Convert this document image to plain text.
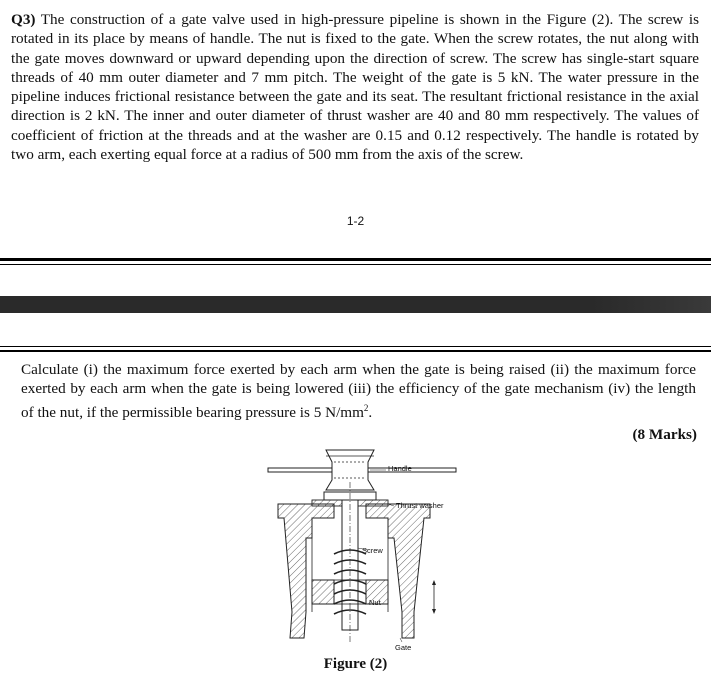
Q3) The construction of a gate valve used in high-pressure pipeline is shown in the Figure (2). The screw is rotated in its place by means of handle. The nut is fixed to the gate. When the screw rotates, the nut along with the gate moves downward or upward depending upon the direction of screw. The screw has single-start square threads of 40 mm outer diameter and 7 mm pitch. The weight of the gate is 5 kN. The water pressure in the pipeline induces frictional resistance between the gate and its seat. The resultant frictional resistance in the axial direction is 2 kN. The inner and outer diameter of thrust washer are 40 and 80 mm respectively. The values of coefficient of friction at the threads and at the washer are 0.15 and 0.12 respectively. The handle is rotated by two arm, each exerting equal force at a radius of 500 mm from the axis of the screw.
1-2
Calculate (i) the maximum force exerted by each arm when the gate is being raised (ii) the maximum force exerted by each arm when the gate is being lowered (iii) the efficiency of the gate mechanism (iv) the length of the nut, if the permissible bearing pressure is 5 $N/mm^2$.
(8 Marks)
Handle
Thrust washer
Screw
Nut
Gate
Figure (2)
